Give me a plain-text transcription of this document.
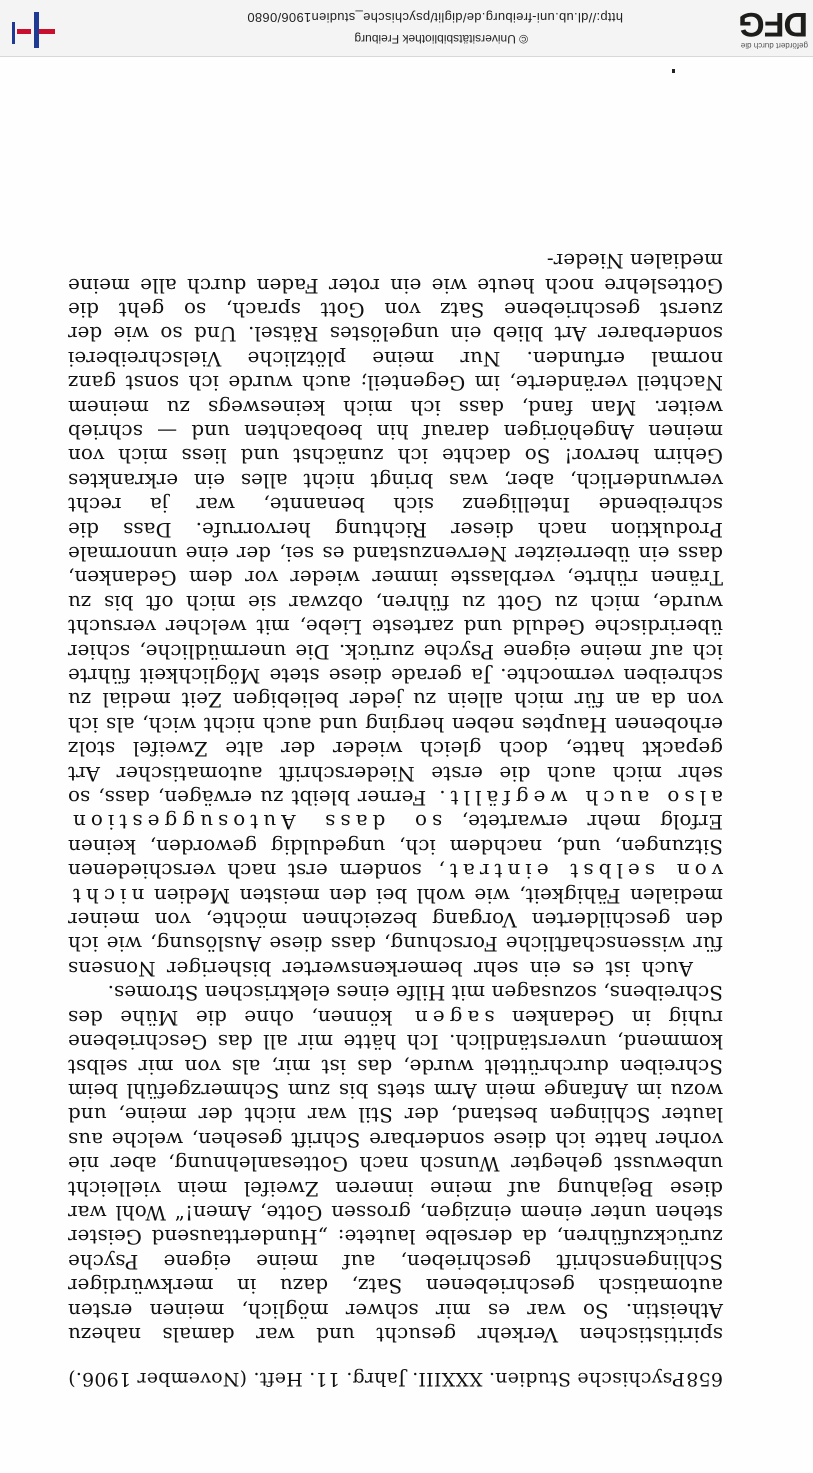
658
Psychische Studien. XXXIII. Jahrg. 11. Heft. (November 1906.)

spiritistischen Verkehr gesucht und war damals nahezu Atheistin. So war es mir schwer möglich, meinen ersten automatisch geschriebenen Satz, dazu in merkwürdiger Schlingenschrift geschrieben, auf meine eigene Psyche zurückzuführen, da derselbe lautete: „Hunderttausend Geister stehen unter einem einzigen, grossen Gotte, Amen!“ Wohl war diese Bejahung auf meine inneren Zweifel mein vielleicht unbewusst gehegter Wunsch nach Gottesanlehnung, aber nie vorher hatte ich diese sonderbare Schrift gesehen, welche aus lauter Schlingen bestand, der Stil war nicht der meine, und wozu im Anfange mein Arm stets bis zum Schmerzgefühl beim Schreiben durchrüttelt wurde, das ist mir, als von mir selbst kommend, unverständlich. Ich hätte mir all das Geschriebene ruhig in Gedanken sagen können, ohne die Mühe des Schreibens, sozusagen mit Hilfe eines elektrischen Stromes.

Auch ist es ein sehr bemerkenswerter bisheriger Nonsens für wissenschaftliche Forschung, dass diese Auslösung, wie ich den geschilderten Vorgang bezeichnen möchte, von meiner medialen Fähigkeit, wie wohl bei den meisten Medien nicht von selbst eintrat, sondern erst nach verschiedenen Sitzungen, und, nachdem ich, ungeduldig geworden, keinen Erfolg mehr erwartete, so dass Autosuggestion also auch wegfällt. Ferner bleibt zu erwägen, dass, so sehr mich auch die erste Niederschrift automatischer Art gepackt hatte, doch gleich wieder der alte Zweifel stolz erhobenen Hauptes neben herging und auch nicht wich, als ich von da an für mich allein zu jeder beliebigen Zeit medial zu schreiben vermochte. Ja gerade diese stete Möglichkeit führte ich auf meine eigene Psyche zurück. Die unermüdliche, schier überirdische Geduld und zarteste Liebe, mit welcher versucht wurde, mich zu Gott zu führen, obzwar sie mich oft bis zu Tränen rührte, verblasste immer wieder vor dem Gedanken, dass ein überreizter Nervenzustand es sei, der eine unnormale Produktion nach dieser Richtung hervorrufe. Dass die schreibende Intelligenz sich benannte, war ja recht verwunderlich, aber, was bringt nicht alles ein erkranktes Gehirn hervor! So dachte ich zunächst und liess mich von meinen Angehörigen darauf hin beobachten und — schrieb weiter. Man fand, dass ich mich keineswegs zu meinem Nachteil veränderte, im Gegenteil; auch wurde ich sonst ganz normal erfunden. Nur meine plötzliche Vielschreiberei sonderbarer Art blieb ein ungelöstes Rätsel. Und so wie der zuerst geschriebene Satz von Gott sprach, so geht die Gotteslehre noch heute wie ein roter Faden durch alle meine medialen Nieder-

gefördert durch die
DFG
© Universitätsbibliothek Freiburg
http://dl.ub.uni-freiburg.de/diglit/psychische_studien1906/0680
